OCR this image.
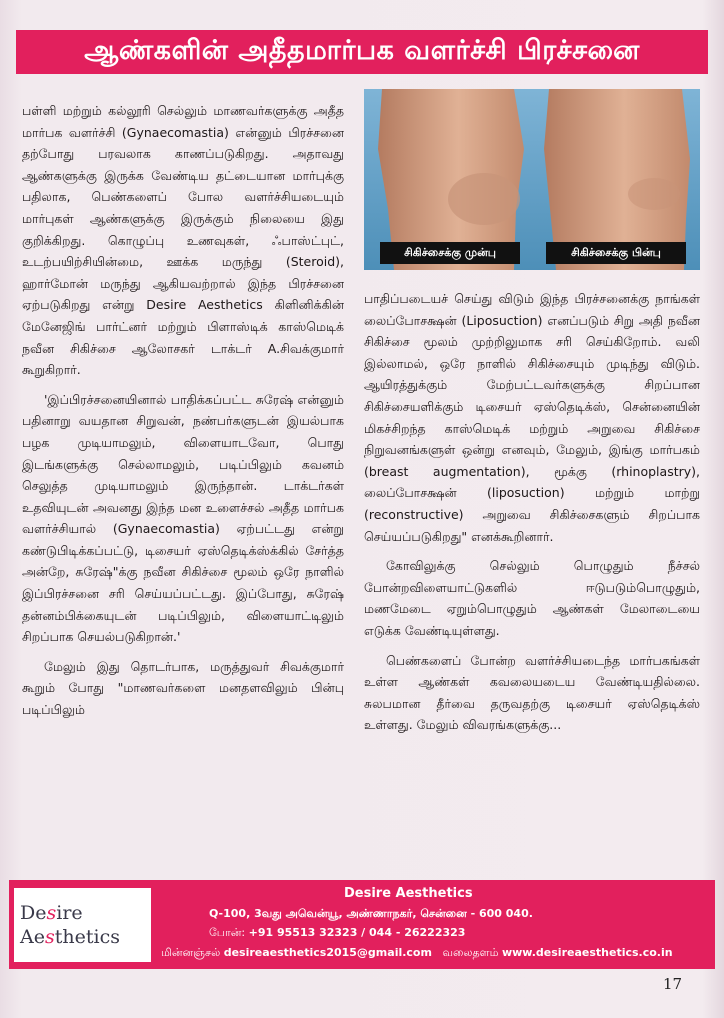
ஆண்களின் அதீதமார்பக வளர்ச்சி பிரச்சனை
சிகிச்சைக்கு முன்பு	சிகிச்சைக்கு பின்பு

பள்ளி மற்றும் கல்லூரி செல்லும் மாணவர்களுக்கு அதீத மார்பக வளர்ச்சி (Gynaecomastia) என்னும் பிரச்சனை தற்போது பரவலாக காணப்படுகிறது. அதாவது ஆண்களுக்கு இருக்க வேண்டிய தட்டையான மார்புக்கு பதிலாக, பெண்களைப் போல வளர்ச்சியடையும் மார்புகள் ஆண்களுக்கு இருக்கும் நிலையை இது குறிக்கிறது. கொழுப்பு உணவுகள், ஃபாஸ்ட்புட், உடற்பயிற்சியின்மை, ஊக்க மருந்து (Steroid), ஹார்மோன் மருந்து ஆகியவற்றால் இந்த பிரச்சனை ஏற்படுகிறது என்று Desire Aesthetics கிளினிக்கின் மேனேஜிங் பார்ட்னர் மற்றும் பிளாஸ்டிக் காஸ்மெடிக் நவீன சிகிச்சை ஆலோசகர் டாக்டர் A.சிவக்குமார் கூறுகிறார்.

'இப்பிரச்சனையினால் பாதிக்கப்பட்ட சுரேஷ் என்னும் பதினாறு வயதான சிறுவன், நண்பர்களுடன் இயல்பாக பழக முடியாமலும், விளையாடவோ, பொது இடங்களுக்கு செல்லாமலும், படிப்பிலும் கவனம் செலுத்த முடியாமலும் இருந்தான். டாக்டர்கள் உதவியுடன் அவனது இந்த மன உளைச்சல் அதீத மார்பக வளர்ச்சியால் (Gynaecomastia) ஏற்பட்டது என்று கண்டுபிடிக்கப்பட்டு, டிசையர் ஏஸ்தெடிக்ஸ்க்கில் சேர்த்த அன்றே, சுரேஷ்"க்கு நவீன சிகிச்சை மூலம் ஒரே நாளில் இப்பிரச்சனை சரி செய்யப்பட்டது. இப்போது, சுரேஷ் தன்னம்பிக்கையுடன் படிப்பிலும், விளையாட்டிலும் சிறப்பாக செயல்படுகிறான்.'

மேலும் இது தொடர்பாக, மருத்துவர் சிவக்குமார் கூறும் போது "மாணவர்களை மனதளவிலும் பின்பு படிப்பிலும்

பாதிப்படையச் செய்து விடும் இந்த பிரச்சனைக்கு நாங்கள் லைப்போசக்ஷன் (Liposuction) எனப்படும் சிறு அதி நவீன சிகிச்சை மூலம் முற்றிலுமாக சரி செய்கிறோம். வலி இல்லாமல், ஒரே நாளில் சிகிச்சையும் முடிந்து விடும். ஆயிரத்துக்கும் மேற்பட்டவர்களுக்கு சிறப்பான சிகிச்சையளிக்கும் டிசையர் ஏஸ்தெடிக்ஸ், சென்னையின் மிகச்சிறந்த காஸ்மெடிக் மற்றும் அறுவை சிகிச்சை நிறுவனங்களுள் ஒன்று எனவும், மேலும், இங்கு மார்பகம் (breast augmentation), மூக்கு (rhinoplastry), லைப்போசக்ஷன் (liposuction) மற்றும் மாற்று (reconstructive) அறுவை சிகிச்சைகளும் சிறப்பாக செய்யப்படுகிறது" எனக்கூறினார்.

கோவிலுக்கு செல்லும் பொழுதும் நீச்சல் போன்றவிளையாட்டுகளில் ஈடுபடும்பொழுதும், மணமேடை ஏறும்பொழுதும் ஆண்கள் மேலாடையை எடுக்க வேண்டியுள்ளது.

பெண்களைப் போன்ற வளர்ச்சியடைந்த மார்பகங்கள் உள்ள ஆண்கள் கவலையடைய வேண்டியதில்லை. சுலபமான தீர்வை தருவதற்கு டிசையர் ஏஸ்தெடிக்ஸ் உள்ளது. மேலும் விவரங்களுக்கு...

Desire
Aesthetics
Desire Aesthetics
Q-100, 3வது அவென்யூ, அண்ணாநகர், சென்னை - 600 040.
போன்: +91 95513 32323 / 044 - 26222323
மின்னஞ்சல் desireaesthetics2015@gmail.com வலைதளம் www.desireaesthetics.co.in
17
